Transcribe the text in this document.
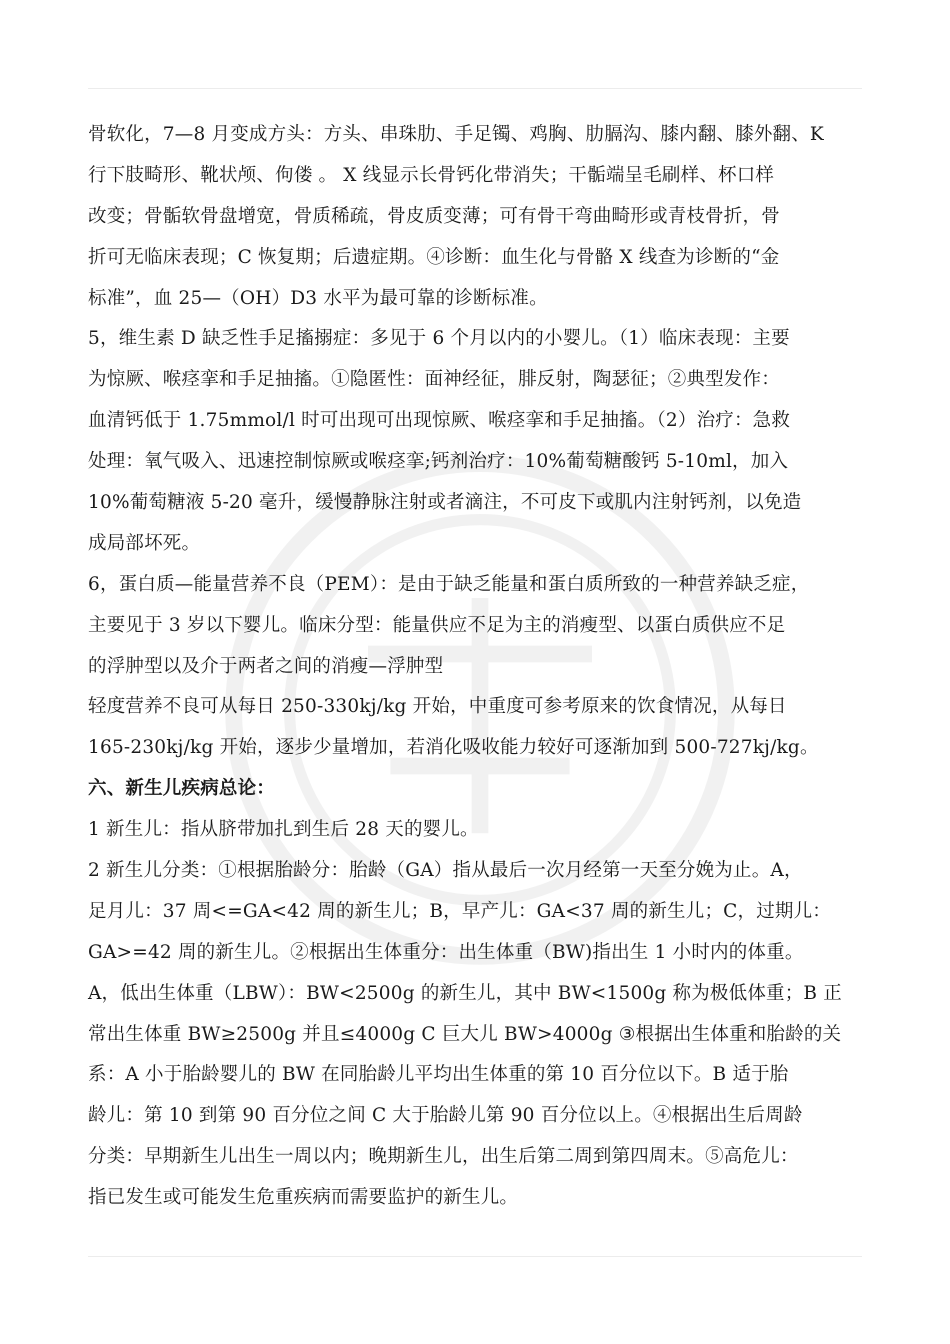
骨软化，7—8 月变成方头：方头、串珠肋、手足镯、鸡胸、肋膈沟、膝内翻、膝外翻、K
行下肢畸形、靴状颅、佝偻 。 X 线显示长骨钙化带消失；干骺端呈毛刷样、杯口样
改变；骨骺软骨盘增宽，骨质稀疏，骨皮质变薄；可有骨干弯曲畸形或青枝骨折，骨
折可无临床表现；C 恢复期；后遗症期。④诊断：血生化与骨骼 X 线查为诊断的“金
标准”，血 25—（OH）D3 水平为最可靠的诊断标准。
5，维生素 D 缺乏性手足搐搦症：多见于 6 个月以内的小婴儿。（1）临床表现：主要
为惊厥、喉痉挛和手足抽搐。①隐匿性：面神经征，腓反射，陶瑟征；②典型发作：
血清钙低于 1.75mmol/l 时可出现可出现惊厥、喉痉挛和手足抽搐。（2）治疗：急救
处理：氧气吸入、迅速控制惊厥或喉痉挛;钙剂治疗：10%葡萄糖酸钙 5-10ml，加入
10%葡萄糖液 5-20 毫升，缓慢静脉注射或者滴注，不可皮下或肌内注射钙剂，以免造
成局部坏死。
6，蛋白质—能量营养不良（PEM）：是由于缺乏能量和蛋白质所致的一种营养缺乏症，
主要见于 3 岁以下婴儿。临床分型：能量供应不足为主的消瘦型、以蛋白质供应不足
的浮肿型以及介于两者之间的消瘦—浮肿型
轻度营养不良可从每日 250-330kj/kg 开始，中重度可参考原来的饮食情况，从每日
165-230kj/kg 开始，逐步少量增加，若消化吸收能力较好可逐渐加到 500-727kj/kg。
六、新生儿疾病总论：
1 新生儿：指从脐带加扎到生后 28 天的婴儿。
2 新生儿分类：①根据胎龄分：胎龄（GA）指从最后一次月经第一天至分娩为止。A，
足月儿：37 周<=GA<42 周的新生儿；B，早产儿：GA<37 周的新生儿；C，过期儿：
GA>=42 周的新生儿。②根据出生体重分：出生体重（BW)指出生 1 小时内的体重。
A，低出生体重（LBW）：BW<2500g 的新生儿，其中 BW<1500g 称为极低体重；B 正
常出生体重 BW≥2500g 并且≤4000g C 巨大儿 BW>4000g ③根据出生体重和胎龄的关
系：A 小于胎龄婴儿的 BW 在同胎龄儿平均出生体重的第 10 百分位以下。B 适于胎
龄儿：第 10 到第 90 百分位之间 C 大于胎龄儿第 90 百分位以上。④根据出生后周龄
分类：早期新生儿出生一周以内；晚期新生儿，出生后第二周到第四周末。⑤高危儿：
指已发生或可能发生危重疾病而需要监护的新生儿。
